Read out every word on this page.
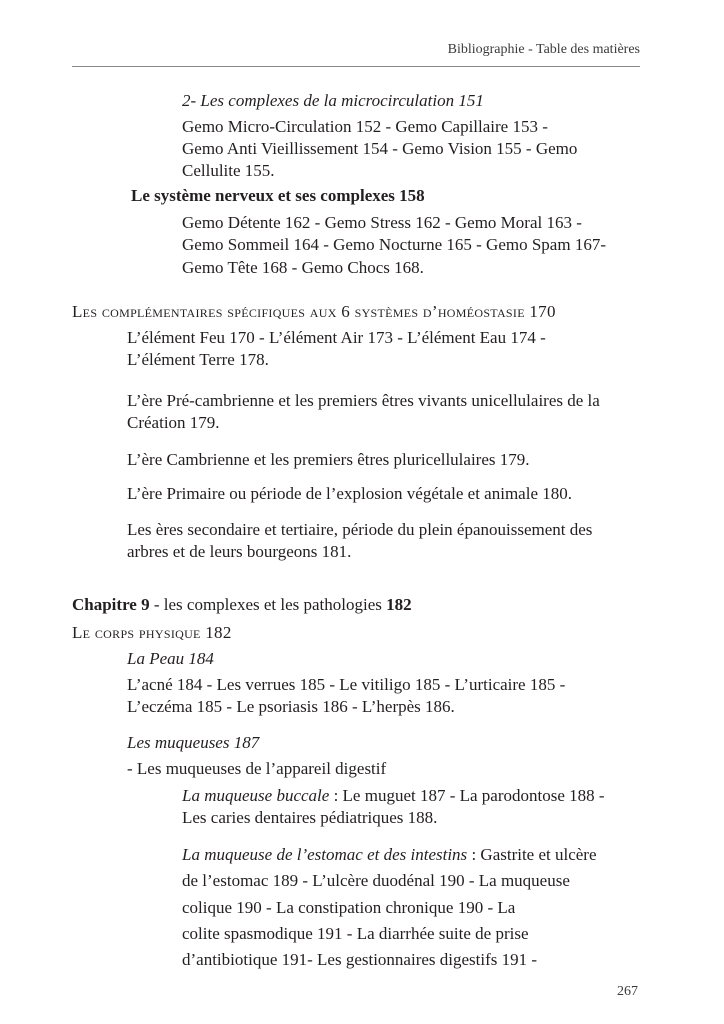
Bibliographie - Table des matières
2- Les complexes de la microcirculation 151
Gemo Micro-Circulation 152 - Gemo Capillaire 153 -
Gemo Anti Vieillissement 154 - Gemo Vision 155 - Gemo
Cellulite 155.
Le système nerveux et ses complexes 158
Gemo Détente 162 - Gemo Stress 162 - Gemo Moral 163 -
Gemo Sommeil 164 - Gemo Nocturne 165 - Gemo Spam 167-
Gemo Tête 168 - Gemo Chocs 168.
Les complémentaires spécifiques aux 6 systèmes d’homéostasie 170
L’élément Feu 170 - L’élément Air 173 - L’élément Eau 174 -
L’élément Terre 178.
L’ère Pré-cambrienne et les premiers êtres vivants unicellulaires de la
Création 179.
L’ère Cambrienne et les premiers êtres pluricellulaires 179.
L’ère Primaire ou période de l’explosion végétale et animale 180.
Les ères secondaire et tertiaire, période du plein épanouissement des
arbres et de leurs bourgeons 181.
Chapitre 9 - les complexes et les pathologies 182
Le corps physique 182
La Peau 184
L’acné 184 - Les verrues 185 - Le vitiligo 185 - L’urticaire 185 -
L’eczéma 185 - Le psoriasis 186 - L’herpès 186.
Les muqueuses 187
- Les muqueuses de l’appareil digestif
La muqueuse buccale : Le muguet 187 - La parodontose 188 -
Les caries dentaires pédiatriques 188.
La muqueuse de l’estomac et des intestins : Gastrite et ulcère
de l’estomac 189 - L’ulcère duodénal 190 - La muqueuse
colique 190 - La constipation chronique 190 - La
colite spasmodique 191 - La diarrhée suite de prise
d’antibiotique 191- Les gestionnaires digestifs 191 -
267
